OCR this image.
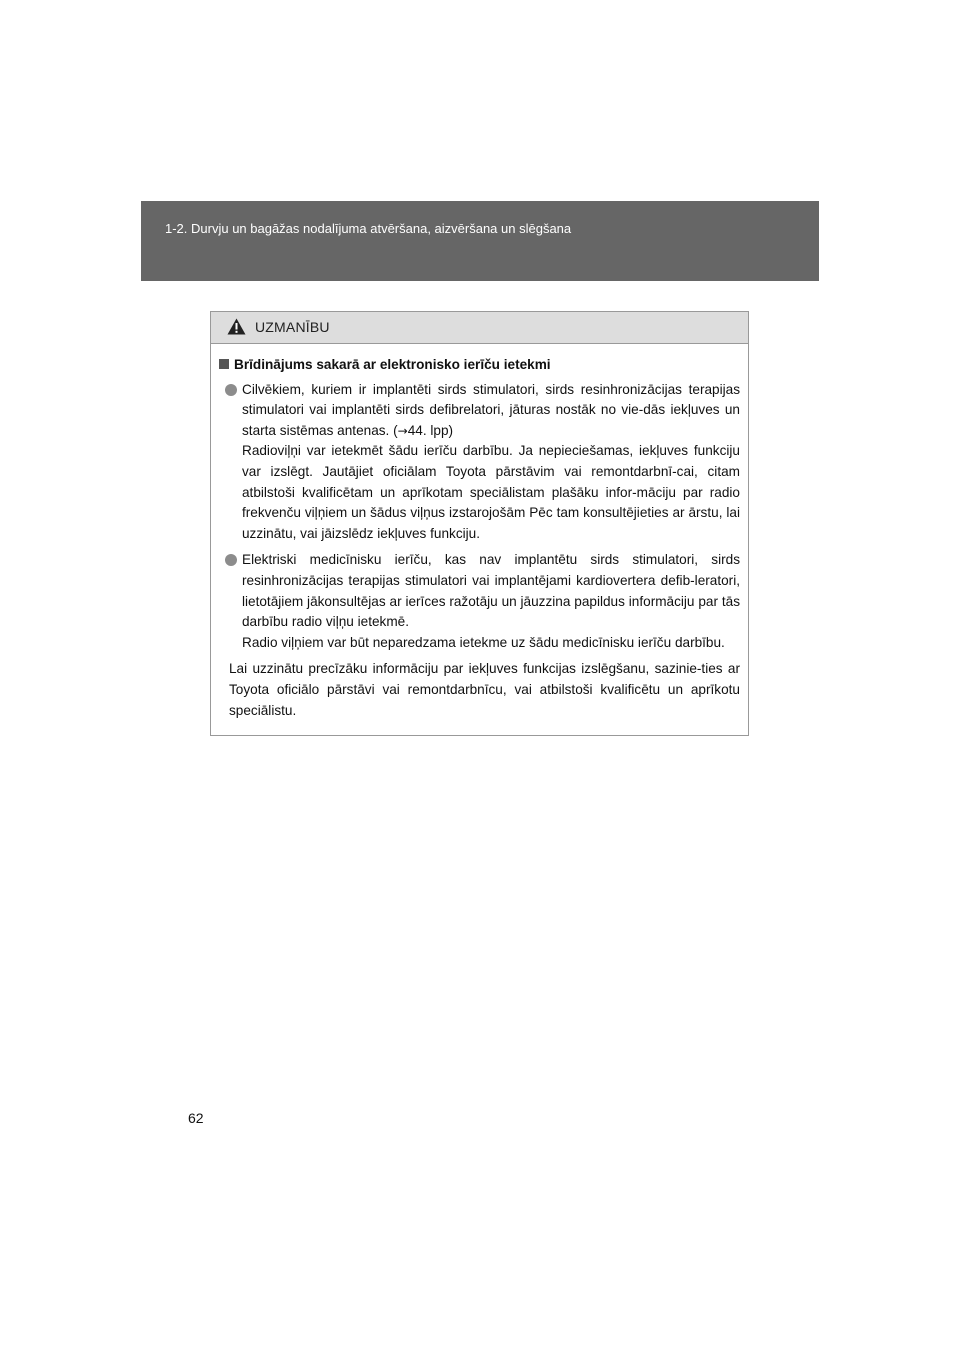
1-2. Durvju un bagāžas nodalījuma atvēršana, aizvēršana un slēgšana
UZMANĪBU
Brīdinājums sakarā ar elektronisko ierīču ietekmi

Cilvēkiem, kuriem ir implantēti sirds stimulatori, sirds resinhronizācijas terapijas stimulatori vai implantēti sirds defibrelatori, jāturas nostāk no vie-dās iekļuves un starta sistēmas antenas. (→44. lpp)

Radioviļņi var ietekmēt šādu ierīču darbību. Ja nepieciešamas, iekļuves funkciju var izslēgt. Jautājiet oficiālam Toyota pārstāvim vai remontdarbnī-cai, citam atbilstoši kvalificētam un aprīkotam speciālistam plašāku infor-māciju par radio frekvenču viļņiem un šādus viļņus izstarojošām Pēc tam konsultējieties ar ārstu, lai uzzinātu, vai jāizslēdz iekļuves funkciju.

Elektriski medicīnisku ierīču, kas nav implantētu sirds stimulatori, sirds resinhronizācijas terapijas stimulatori vai implantējami kardiovertera defib-leratori, lietotājiem jākonsultējas ar ierīces ražotāju un jāuzzina papildus informāciju par tās darbību radio viļņu ietekmē.

Radio viļņiem var būt neparedzama ietekme uz šādu medicīnisku ierīču darbību.

Lai uzzinātu precīzāku informāciju par iekļuves funkcijas izslēgšanu, sazinie-ties ar Toyota oficiālo pārstāvi vai remontdarbnīcu, vai atbilstoši kvalificētu un aprīkotu speciālistu.

62
